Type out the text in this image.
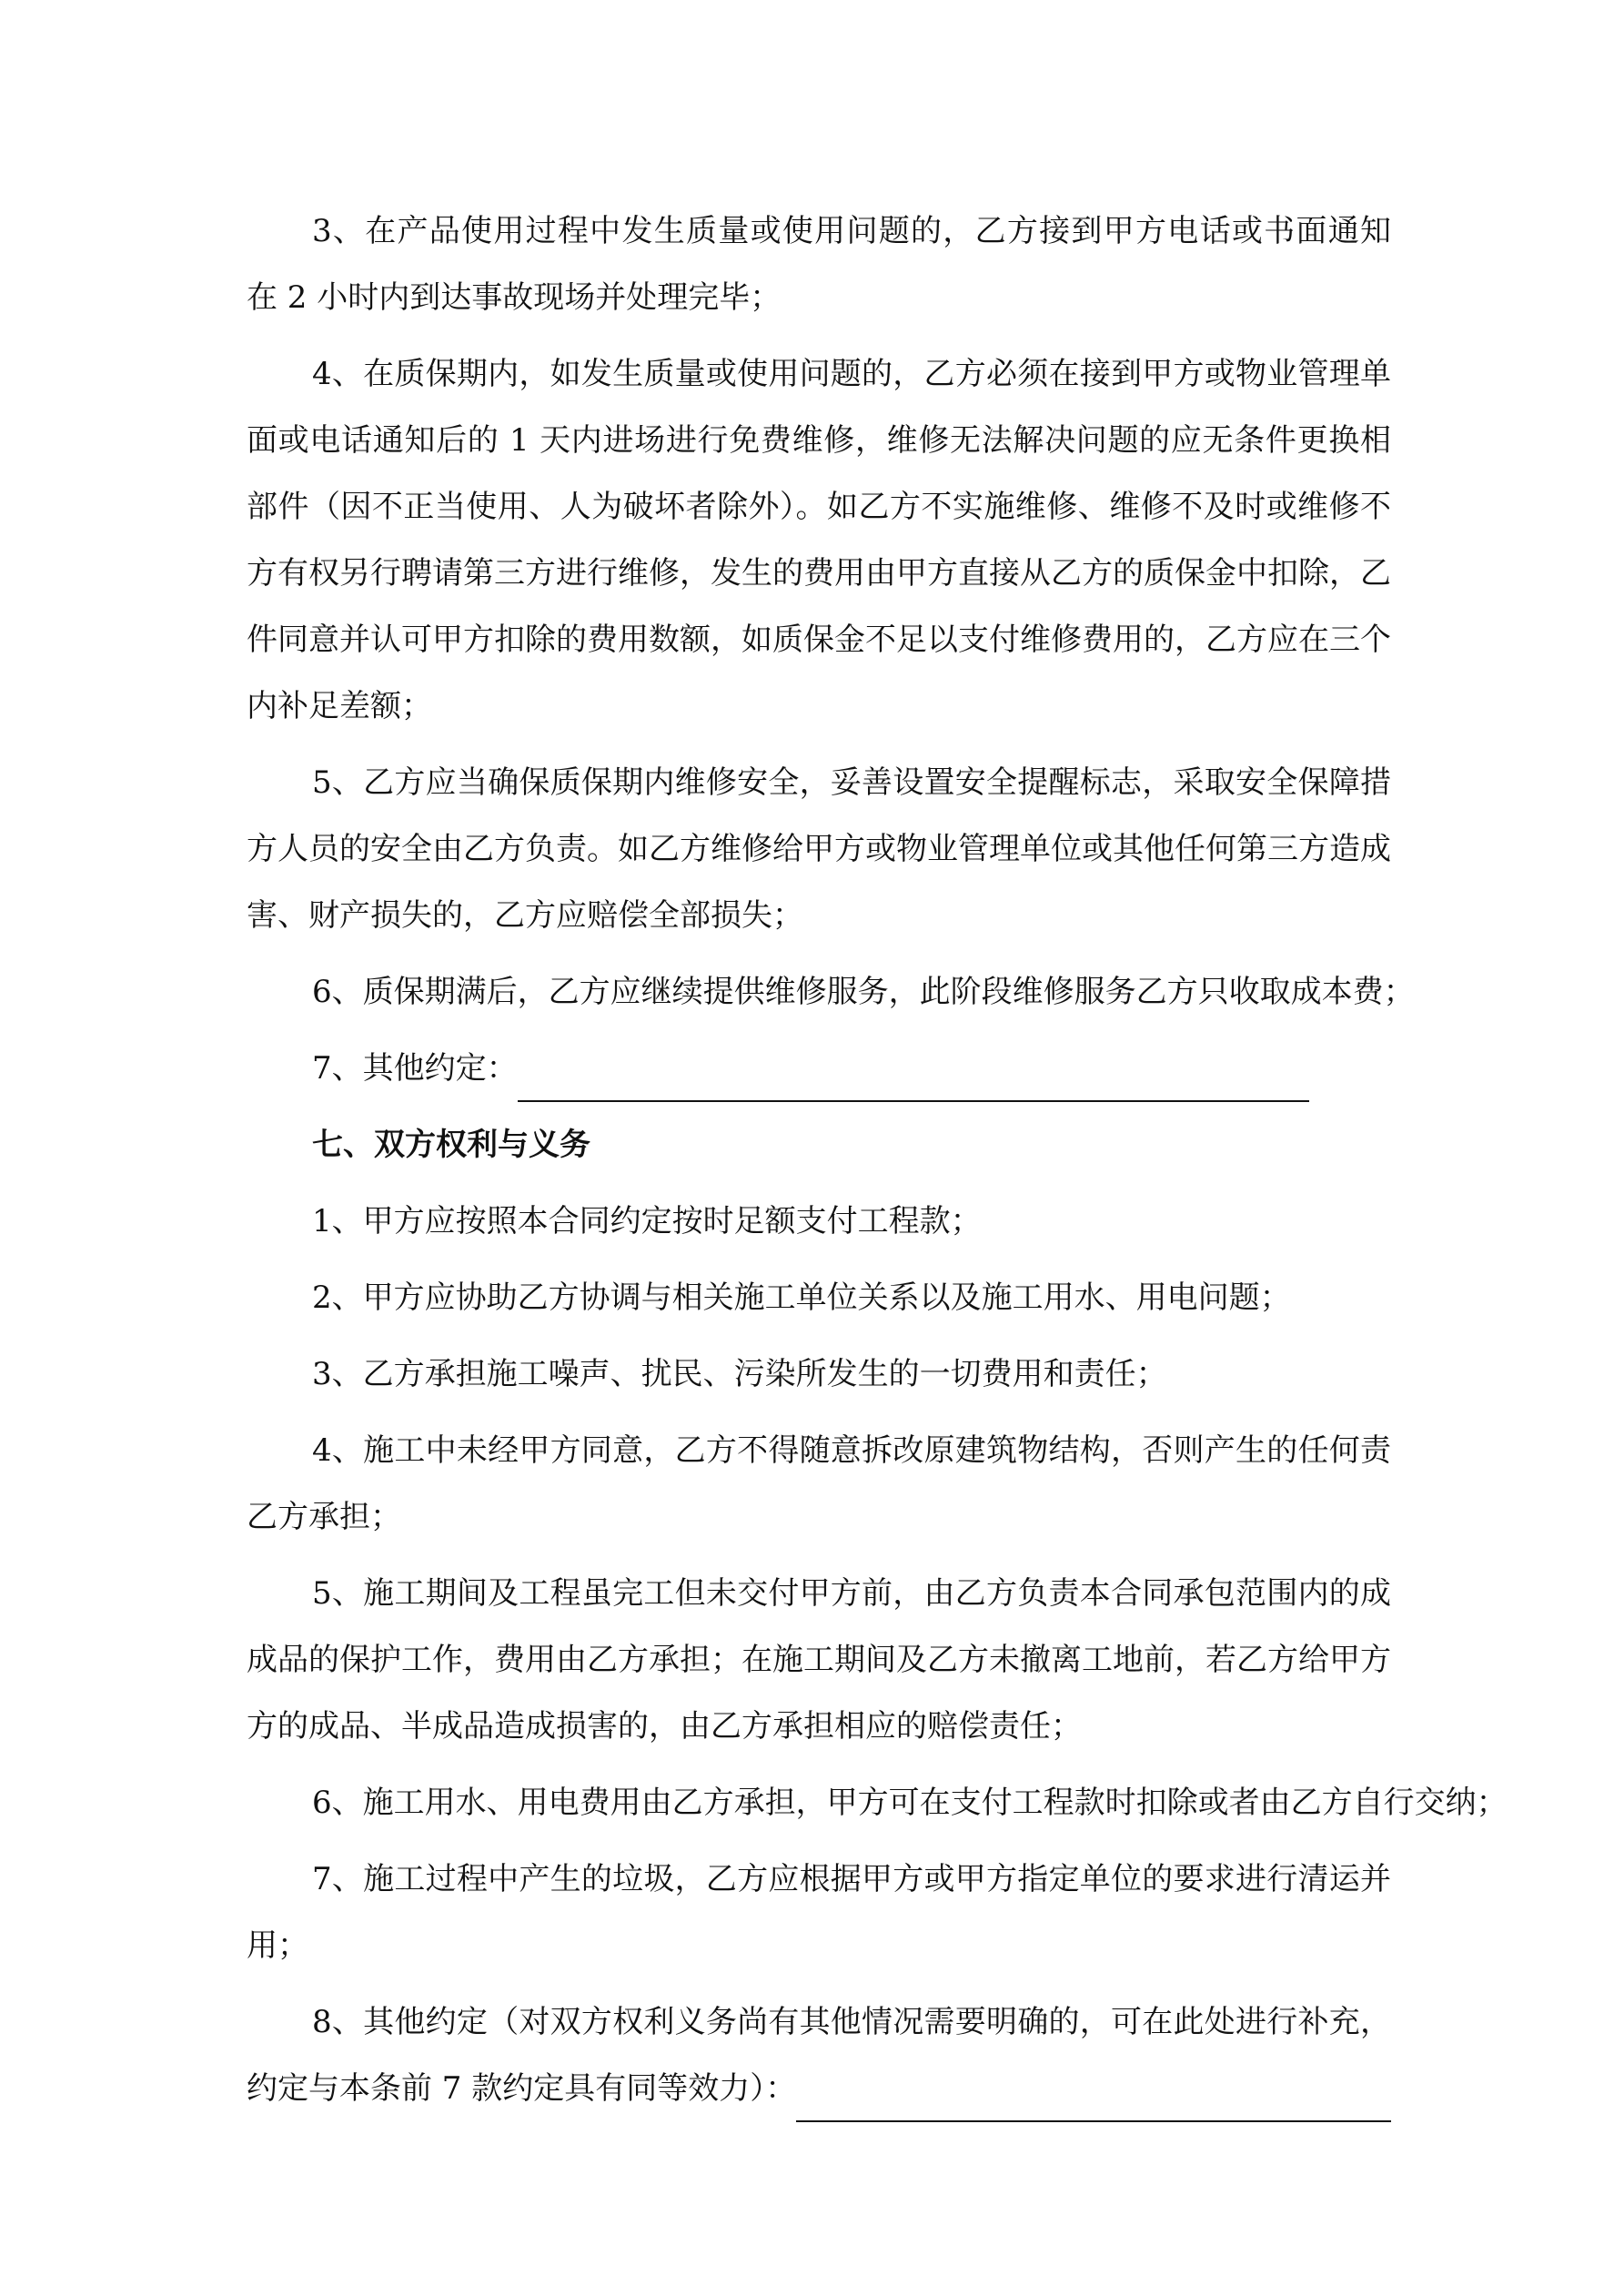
3、在产品使用过程中发生质量或使用问题的，乙方接到甲方电话或书面通知
在 2 小时内到达事故现场并处理完毕；
4、在质保期内，如发生质量或使用问题的，乙方必须在接到甲方或物业管理单
面或电话通知后的 1 天内进场进行免费维修，维修无法解决问题的应无条件更换相
部件（因不正当使用、人为破坏者除外）。如乙方不实施维修、维修不及时或维修不
方有权另行聘请第三方进行维修，发生的费用由甲方直接从乙方的质保金中扣除，乙
件同意并认可甲方扣除的费用数额，如质保金不足以支付维修费用的，乙方应在三个
内补足差额；
5、乙方应当确保质保期内维修安全，妥善设置安全提醒标志，采取安全保障措
方人员的安全由乙方负责。如乙方维修给甲方或物业管理单位或其他任何第三方造成
害、财产损失的，乙方应赔偿全部损失；
6、质保期满后，乙方应继续提供维修服务，此阶段维修服务乙方只收取成本费；
7、其他约定：
七、双方权利与义务
1、甲方应按照本合同约定按时足额支付工程款；
2、甲方应协助乙方协调与相关施工单位关系以及施工用水、用电问题；
3、乙方承担施工噪声、扰民、污染所发生的一切费用和责任；
4、施工中未经甲方同意，乙方不得随意拆改原建筑物结构，否则产生的任何责
乙方承担；
5、施工期间及工程虽完工但未交付甲方前，由乙方负责本合同承包范围内的成
成品的保护工作，费用由乙方承担；在施工期间及乙方未撤离工地前，若乙方给甲方
方的成品、半成品造成损害的，由乙方承担相应的赔偿责任；
6、施工用水、用电费用由乙方承担，甲方可在支付工程款时扣除或者由乙方自行交纳；
7、施工过程中产生的垃圾，乙方应根据甲方或甲方指定单位的要求进行清运并
用；
8、其他约定（对双方权利义务尚有其他情况需要明确的，可在此处进行补充，
约定与本条前 7 款约定具有同等效力）：
